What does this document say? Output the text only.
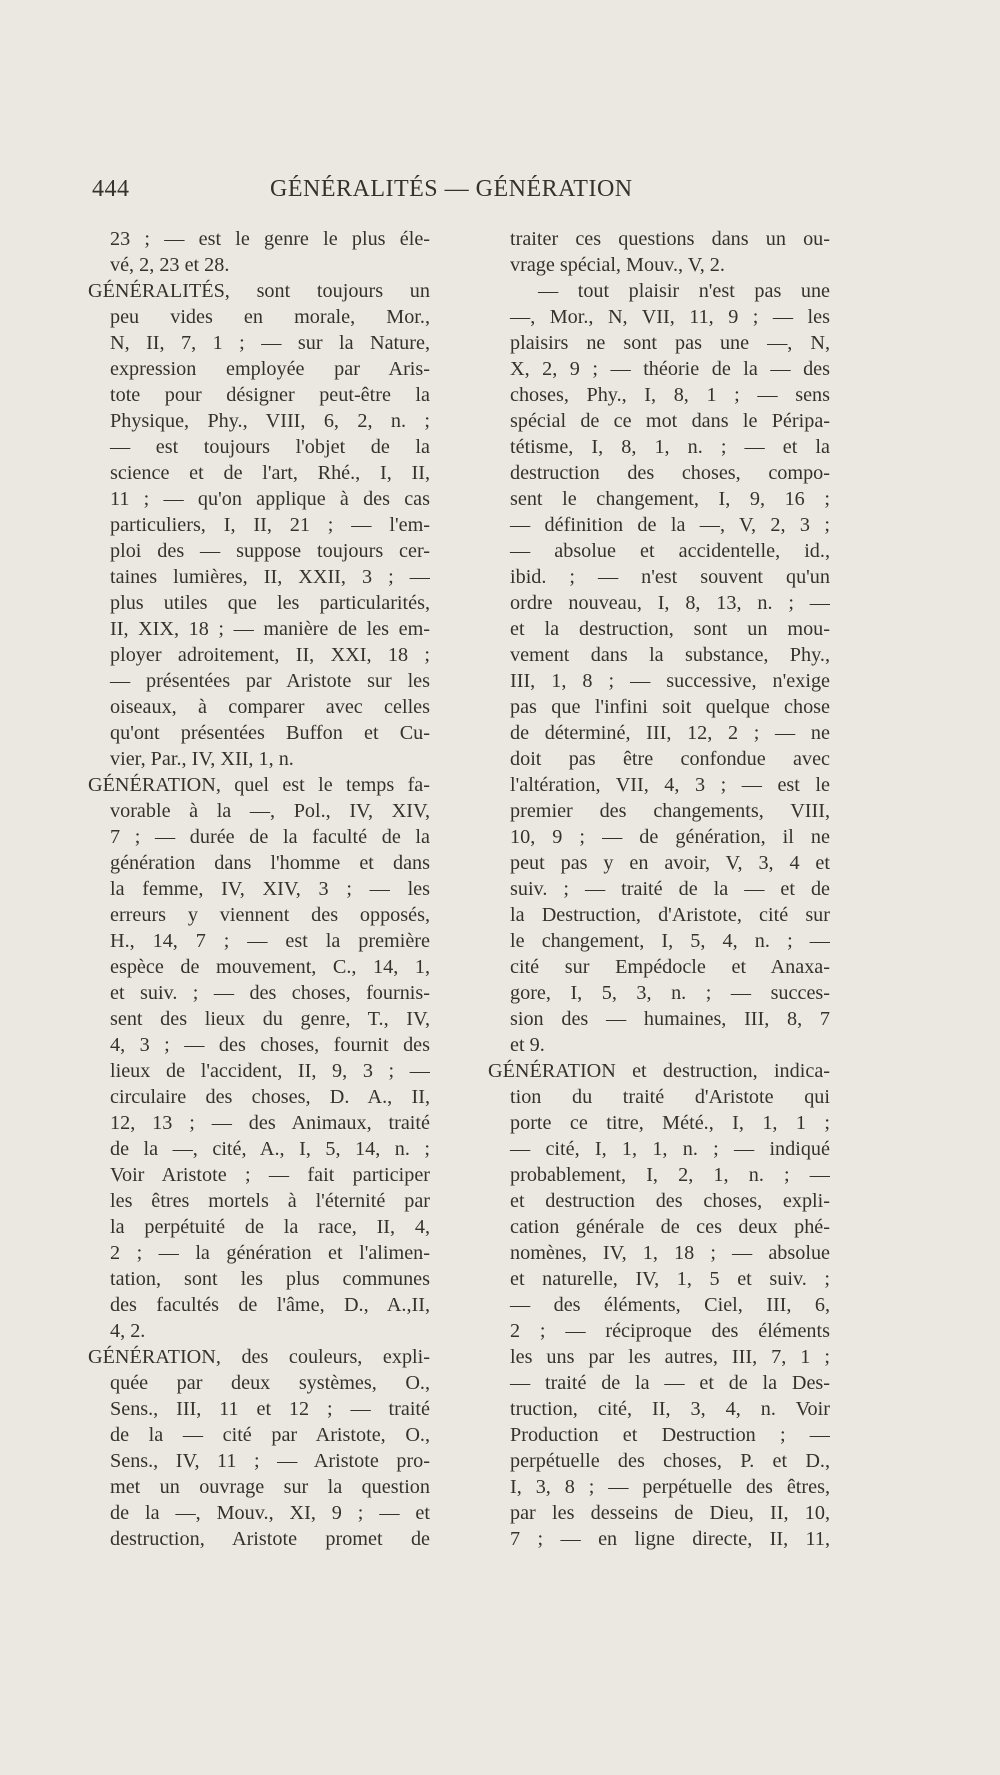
444	GÉNÉRALITÉS — GÉNÉRATION
23 ; — est le genre le plus éle-
vé, 2, 23 et 28.
GÉNÉRALITÉS, sont toujours un
peu vides en morale, Mor.,
N, II, 7, 1 ; — sur la Nature,
expression employée par Aris-
tote pour désigner peut-être la
Physique, Phy., VIII, 6, 2, n. ;
— est toujours l'objet de la
science et de l'art, Rhé., I, II,
11 ; — qu'on applique à des cas
particuliers, I, II, 21 ; — l'em-
ploi des — suppose toujours cer-
taines lumières, II, XXII, 3 ; —
plus utiles que les particularités,
II, XIX, 18 ; — manière de les em-
ployer adroitement, II, XXI, 18 ;
— présentées par Aristote sur les
oiseaux, à comparer avec celles
qu'ont présentées Buffon et Cu-
vier, Par., IV, XII, 1, n.
GÉNÉRATION, quel est le temps fa-
vorable à la —, Pol., IV, XIV,
7 ; — durée de la faculté de la
génération dans l'homme et dans
la femme, IV, XIV, 3 ; — les
erreurs y viennent des opposés,
H., 14, 7 ; — est la première
espèce de mouvement, C., 14, 1,
et suiv. ; — des choses, fournis-
sent des lieux du genre, T., IV,
4, 3 ; — des choses, fournit des
lieux de l'accident, II, 9, 3 ; —
circulaire des choses, D. A., II,
12, 13 ; — des Animaux, traité
de la —, cité, A., I, 5, 14, n. ;
Voir Aristote ; — fait participer
les êtres mortels à l'éternité par
la perpétuité de la race, II, 4,
2 ; — la génération et l'alimen-
tation, sont les plus communes
des facultés de l'âme, D., A.,II,
4, 2.
GÉNÉRATION, des couleurs, expli-
quée par deux systèmes, O.,
Sens., III, 11 et 12 ; — traité
de la — cité par Aristote, O.,
Sens., IV, 11 ; — Aristote pro-
met un ouvrage sur la question
de la —, Mouv., XI, 9 ; — et
destruction, Aristote promet de
traiter ces questions dans un ou-
vrage spécial, Mouv., V, 2.
— tout plaisir n'est pas une
—, Mor., N, VII, 11, 9 ; — les
plaisirs ne sont pas une —, N,
X, 2, 9 ; — théorie de la — des
choses, Phy., I, 8, 1 ; — sens
spécial de ce mot dans le Péripa-
tétisme, I, 8, 1, n. ; — et la
destruction des choses, compo-
sent le changement, I, 9, 16 ;
— définition de la —, V, 2, 3 ;
— absolue et accidentelle, id.,
ibid. ; — n'est souvent qu'un
ordre nouveau, I, 8, 13, n. ; —
et la destruction, sont un mou-
vement dans la substance, Phy.,
III, 1, 8 ; — successive, n'exige
pas que l'infini soit quelque chose
de déterminé, III, 12, 2 ; — ne
doit pas être confondue avec
l'altération, VII, 4, 3 ; — est le
premier des changements, VIII,
10, 9 ; — de génération, il ne
peut pas y en avoir, V, 3, 4 et
suiv. ; — traité de la — et de
la Destruction, d'Aristote, cité sur
le changement, I, 5, 4, n. ; —
cité sur Empédocle et Anaxa-
gore, I, 5, 3, n. ; — succes-
sion des — humaines, III, 8, 7
et 9.
GÉNÉRATION et destruction, indica-
tion du traité d'Aristote qui
porte ce titre, Mété., I, 1, 1 ;
— cité, I, 1, 1, n. ; — indiqué
probablement, I, 2, 1, n. ; —
et destruction des choses, expli-
cation générale de ces deux phé-
nomènes, IV, 1, 18 ; — absolue
et naturelle, IV, 1, 5 et suiv. ;
— des éléments, Ciel, III, 6,
2 ; — réciproque des éléments
les uns par les autres, III, 7, 1 ;
— traité de la — et de la Des-
truction, cité, II, 3, 4, n. Voir
Production et Destruction ; —
perpétuelle des choses, P. et D.,
I, 3, 8 ; — perpétuelle des êtres,
par les desseins de Dieu, II, 10,
7 ; — en ligne directe, II, 11,
